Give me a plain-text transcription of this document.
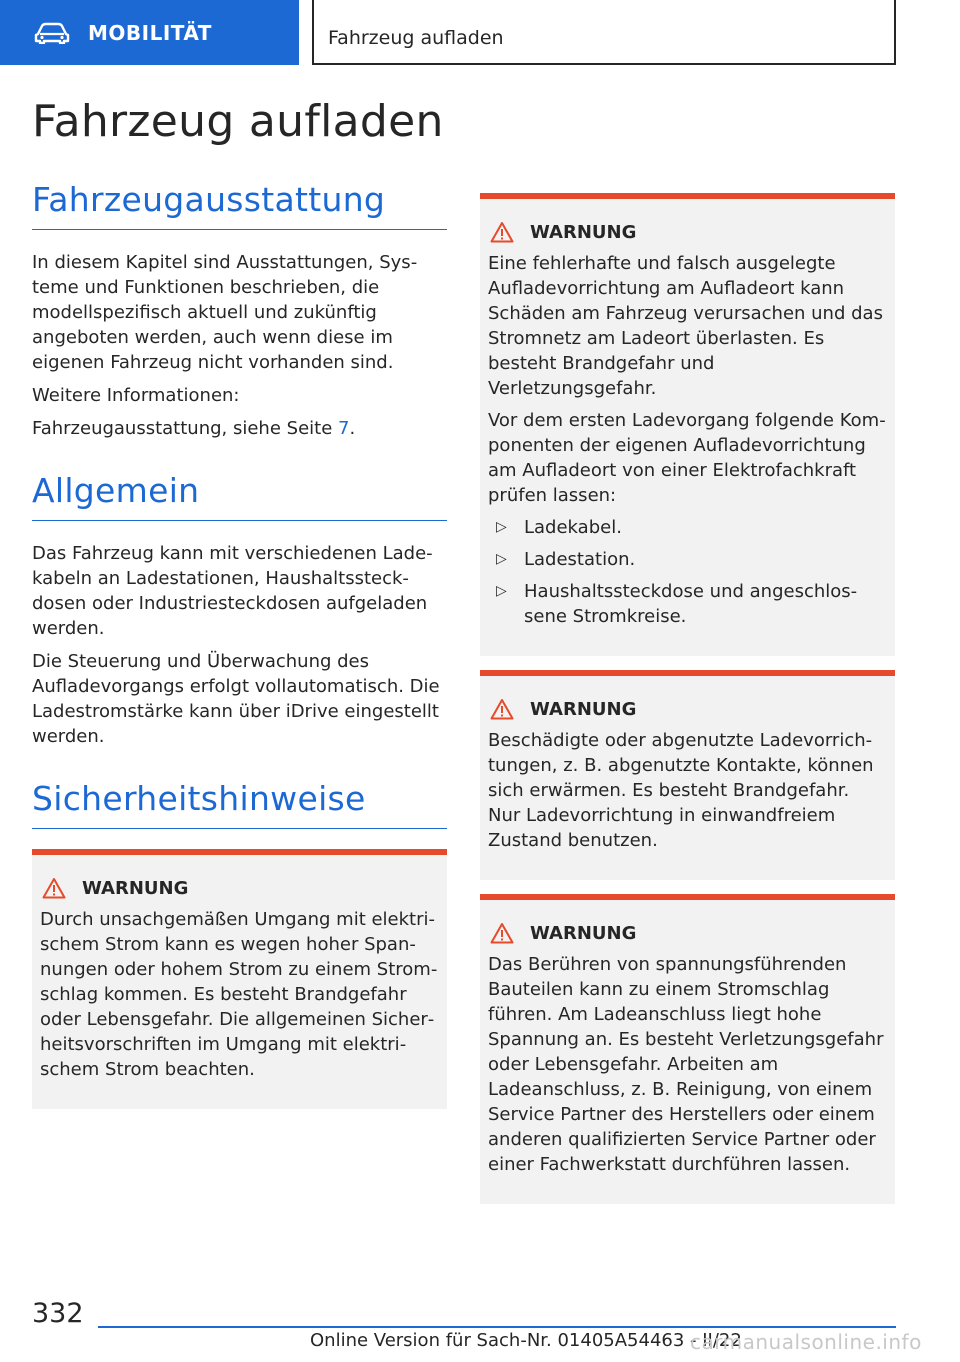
MOBILITÄT	Fahrzeug aufladen
Fahrzeug aufladen
Fahrzeugausstattung

In diesem Kapitel sind Ausstattungen, Systeme und Funktionen beschrieben, die modellspezifisch aktuell und zukünftig angeboten werden, auch wenn diese im eigenen Fahrzeug nicht vorhanden sind.

Weitere Informationen:

Fahrzeugausstattung, siehe Seite 7.

Allgemein

Das Fahrzeug kann mit verschiedenen Ladekabeln an Ladestationen, Haushaltssteckdosen oder Industriesteckdosen aufgeladen werden.

Die Steuerung und Überwachung des Aufladevorgangs erfolgt vollautomatisch. Die Ladestromstärke kann über iDrive eingestellt werden.

Sicherheitshinweise
WARNUNG

Durch unsachgemäßen Umgang mit elektrischem Strom kann es wegen hoher Spannungen oder hohem Strom zu einem Stromschlag kommen. Es besteht Brandgefahr oder Lebensgefahr. Die allgemeinen Sicherheitsvorschriften im Umgang mit elektrischem Strom beachten.

WARNUNG

Eine fehlerhafte und falsch ausgelegte Aufladevorrichtung am Aufladeort kann Schäden am Fahrzeug verursachen und das Stromnetz am Ladeort überlasten. Es besteht Brandgefahr und Verletzungsgefahr.

Vor dem ersten Ladevorgang folgende Komponenten der eigenen Aufladevorrichtung am Aufladeort von einer Elektrofachkraft prüfen lassen:

▷ Ladekabel.
▷ Ladestation.
▷ Haushaltssteckdose und angeschlossene Stromkreise.
WARNUNG

Beschädigte oder abgenutzte Ladevorrichtungen, z. B. abgenutzte Kontakte, können sich erwärmen. Es besteht Brandgefahr. Nur Ladevorrichtung in einwandfreiem Zustand benutzen.

WARNUNG

Das Berühren von spannungsführenden Bauteilen kann zu einem Stromschlag führen. Am Ladeanschluss liegt hohe Spannung an. Es besteht Verletzungsgefahr oder Lebensgefahr. Arbeiten am Ladeanschluss, z. B. Reinigung, von einem Service Partner des Herstellers oder einem anderen qualifizierten Service Partner oder einer Fachwerkstatt durchführen lassen.

332
Online Version für Sach-Nr. 01405A54463 - II/22
carmanualsonline.info
